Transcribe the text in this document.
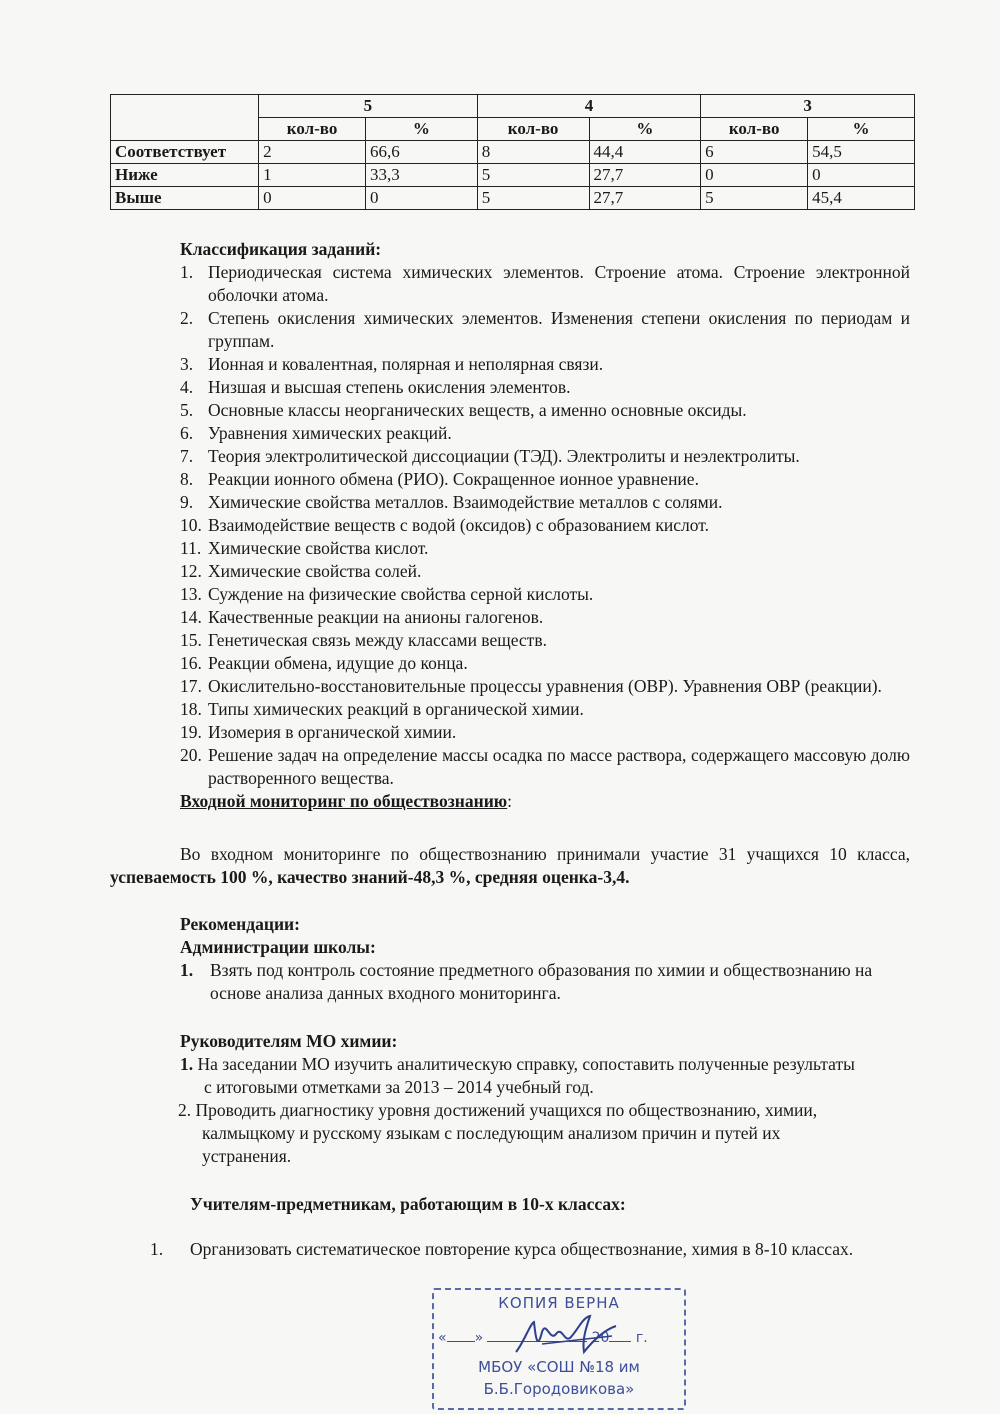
	5		4		3	
	кол-во	%	кол-во	%	кол-во	%
Соответствует	2	66,6	8	44,4	6	54,5
Ниже	1	33,3	5	27,7	0	0
Выше	0	0	5	27,7	5	45,4
Классификация заданий:
1. Периодическая система химических элементов. Строение атома. Строение электронной оболочки атома.
2. Степень окисления химических элементов. Изменения степени окисления по периодам и группам.
3. Ионная и ковалентная, полярная и неполярная связи.
4. Низшая и высшая степень окисления элементов.
5. Основные классы неорганических веществ, а именно основные оксиды.
6. Уравнения химических реакций.
7. Теория электролитической диссоциации (ТЭД). Электролиты и неэлектролиты.
8. Реакции ионного обмена (РИО). Сокращенное ионное уравнение.
9. Химические свойства металлов. Взаимодействие металлов с солями.
10. Взаимодействие веществ с водой (оксидов) с образованием кислот.
11. Химические свойства кислот.
12. Химические свойства солей.
13. Суждение на физические свойства серной кислоты.
14. Качественные реакции на анионы галогенов.
15. Генетическая связь между классами веществ.
16. Реакции обмена, идущие до конца.
17. Окислительно-восстановительные процессы уравнения (ОВР). Уравнения ОВР (реакции).
18. Типы химических реакций в органической химии.
19. Изомерия в органической химии.
20. Решение задач на определение массы осадка по массе раствора, содержащего массовую долю растворенного вещества.
Входной мониторинг по обществознанию:
Во входном мониторинге по обществознанию принимали участие 31 учащихся 10 класса, успеваемость 100 %, качество знаний-48,3 %, средняя оценка-3,4.
Рекомендации:
Администрации школы:
1. Взять под контроль состояние предметного образования по химии и обществознанию на основе анализа данных входного мониторинга.
Руководителям МО химии:
1. На заседании МО изучить аналитическую справку, сопоставить полученные результаты с итоговыми отметками за 2013 – 2014 учебный год.
2. Проводить диагностику уровня достижений учащихся по обществознанию, химии, калмыцкому и русскому языкам с последующим анализом причин и путей их устранения.
Учителям-предметникам, работающим в 10-х классах:
1. Организовать систематическое повторение курса обществознание, химия в 8-10 классах.
КОПИЯ ВЕРНА
« »	20 г.
МБОУ «СОШ №18 им
Б.Б.Городовикова»
